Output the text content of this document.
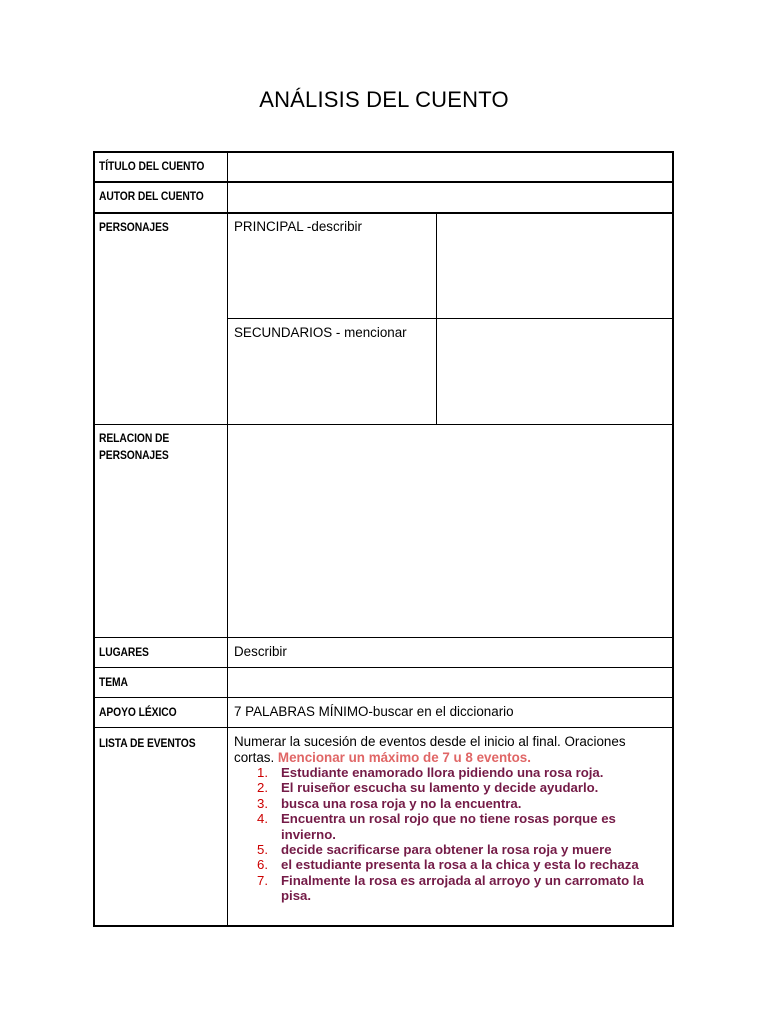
ANÁLISIS DEL CUENTO
TÍTULO DEL CUENTO
AUTOR DEL CUENTO
PERSONAJES
RELACION DE
PERSONAJES
LUGARES
TEMA
APOYO LÉXICO
LISTA DE EVENTOS
PRINCIPAL -describir
SECUNDARIOS - mencionar
Describir
7 PALABRAS MÍNIMO-buscar en el diccionario
Numerar la sucesión de eventos desde el inicio al final. Oraciones cortas. Mencionar un máximo de 7 u 8 eventos.
1. Estudiante enamorado llora pidiendo una rosa roja.
2. El ruiseñor escucha su lamento y decide ayudarlo.
3. busca una rosa roja y no la encuentra.
4. Encuentra un rosal rojo que no tiene rosas porque es invierno.
5. decide sacrificarse para obtener la rosa roja y muere
6. el estudiante presenta la rosa a la chica y esta lo rechaza
7. Finalmente la rosa es arrojada al arroyo y un carromato la pisa.
